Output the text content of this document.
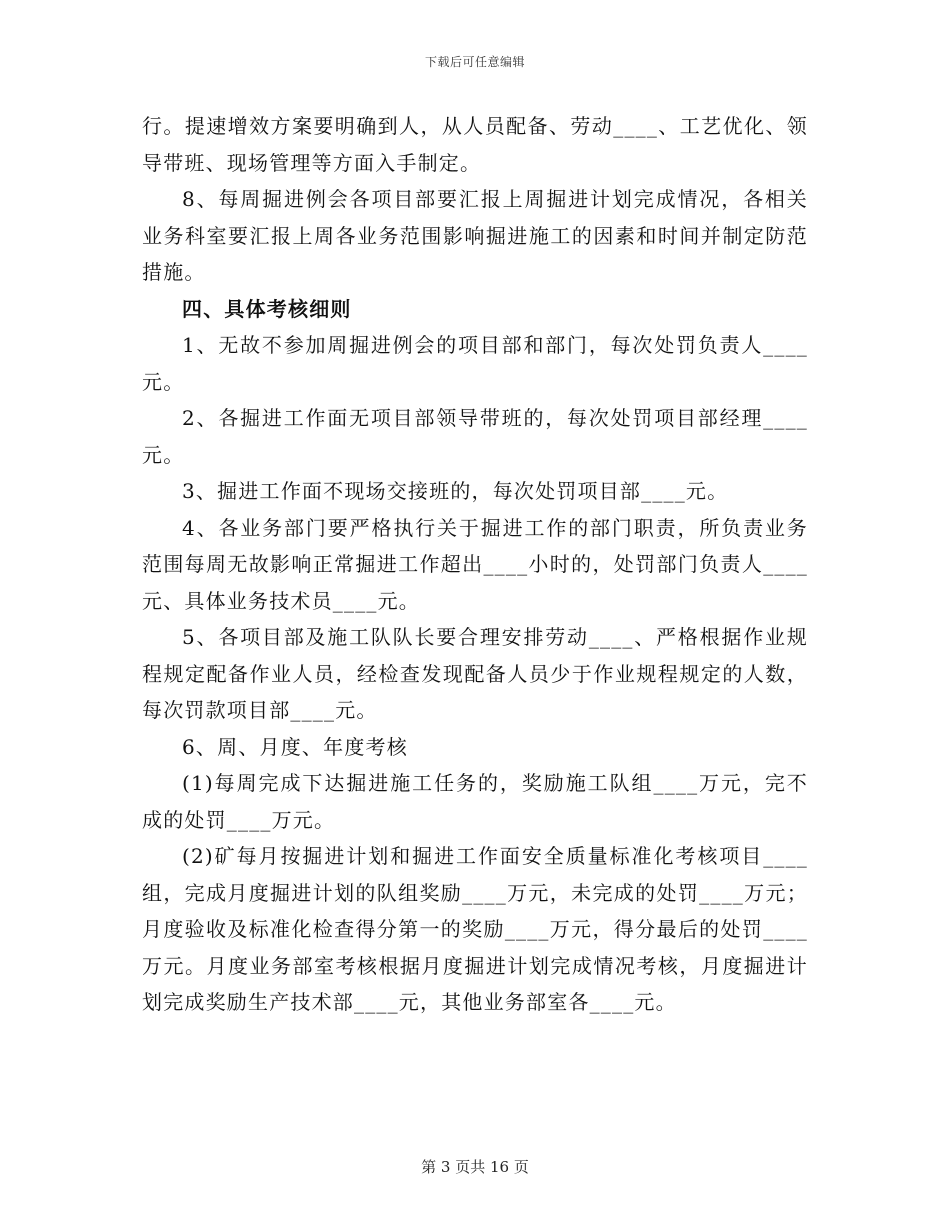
下载后可任意编辑

行。提速增效方案要明确到人，从人员配备、劳动____、工艺优化、领导带班、现场管理等方面入手制定。

8、每周掘进例会各项目部要汇报上周掘进计划完成情况，各相关业务科室要汇报上周各业务范围影响掘进施工的因素和时间并制定防范措施。

四、具体考核细则

1、无故不参加周掘进例会的项目部和部门，每次处罚负责人____元。

2、各掘进工作面无项目部领导带班的，每次处罚项目部经理____元。

3、掘进工作面不现场交接班的，每次处罚项目部____元。

4、各业务部门要严格执行关于掘进工作的部门职责，所负责业务范围每周无故影响正常掘进工作超出____小时的，处罚部门负责人____元、具体业务技术员____元。

5、各项目部及施工队队长要合理安排劳动____、严格根据作业规程规定配备作业人员，经检查发现配备人员少于作业规程规定的人数，每次罚款项目部____元。

6、周、月度、年度考核

(1)每周完成下达掘进施工任务的，奖励施工队组____万元，完不成的处罚____万元。

(2)矿每月按掘进计划和掘进工作面安全质量标准化考核项目____组，完成月度掘进计划的队组奖励____万元，未完成的处罚____万元；月度验收及标准化检查得分第一的奖励____万元，得分最后的处罚____万元。月度业务部室考核根据月度掘进计划完成情况考核，月度掘进计划完成奖励生产技术部____元，其他业务部室各____元。

第 3 页共 16 页
